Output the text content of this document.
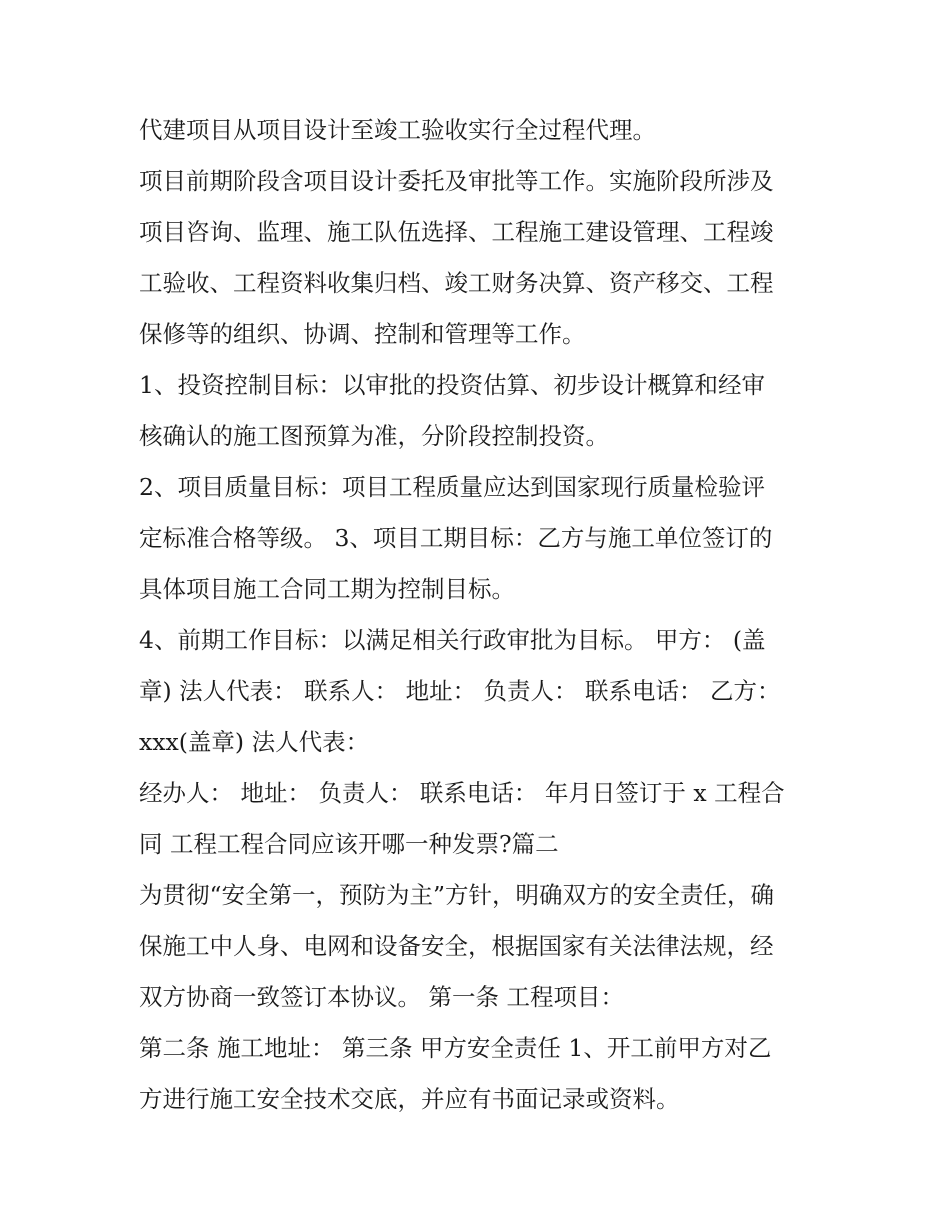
代建项目从项目设计至竣工验收实行全过程代理。
项目前期阶段含项目设计委托及审批等工作。实施阶段所涉及
项目咨询、监理、施工队伍选择、工程施工建设管理、工程竣
工验收、工程资料收集归档、竣工财务决算、资产移交、工程
保修等的组织、协调、控制和管理等工作。
1、投资控制目标：以审批的投资估算、初步设计概算和经审
核确认的施工图预算为准，分阶段控制投资。
2、项目质量目标：项目工程质量应达到国家现行质量检验评
定标准合格等级。 3、项目工期目标：乙方与施工单位签订的
具体项目施工合同工期为控制目标。
4、前期工作目标：以满足相关行政审批为目标。 甲方： (盖
章) 法人代表： 联系人： 地址： 负责人： 联系电话： 乙方：
xxx(盖章) 法人代表：
经办人： 地址： 负责人： 联系电话： 年月日签订于 x 工程合
同 工程工程合同应该开哪一种发票?篇二
为贯彻“安全第一，预防为主”方针，明确双方的安全责任，确
保施工中人身、电网和设备安全，根据国家有关法律法规，经
双方协商一致签订本协议。 第一条 工程项目：
第二条 施工地址： 第三条 甲方安全责任 1、开工前甲方对乙
方进行施工安全技术交底，并应有书面记录或资料。
